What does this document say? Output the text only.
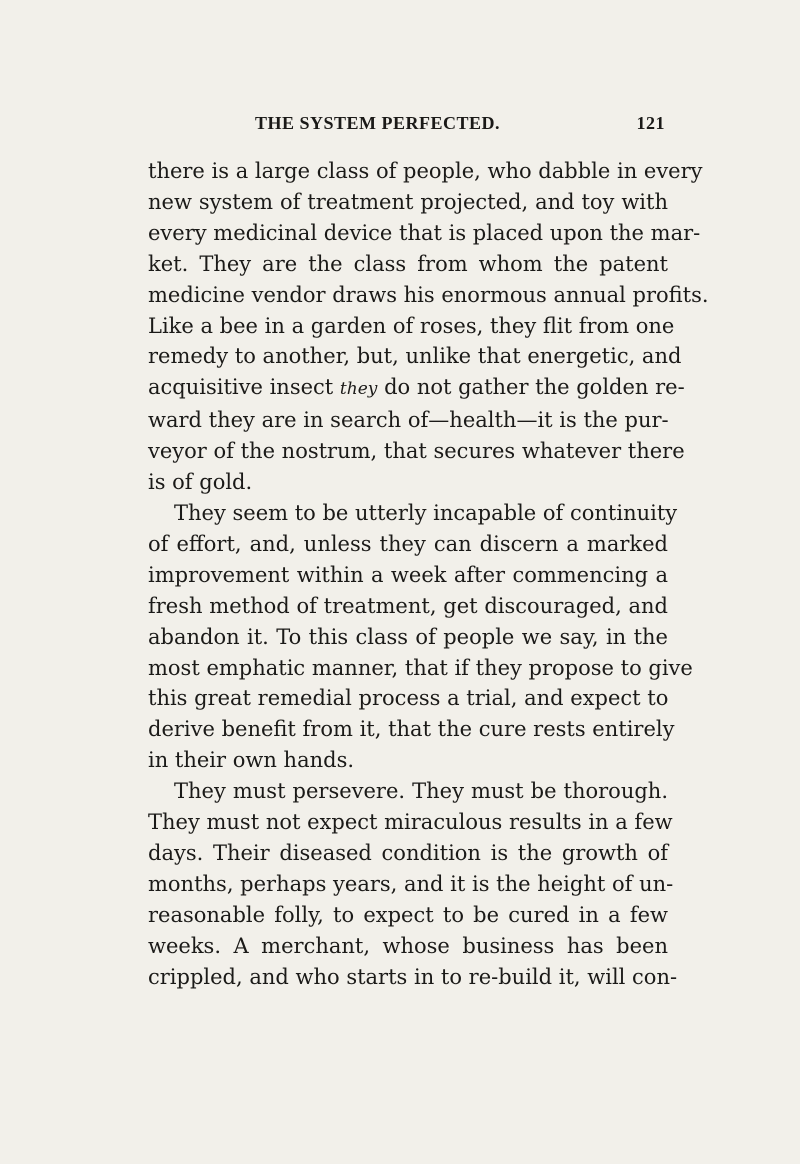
THE SYSTEM PERFECTED.	121
there is a large class of people, who dabble in every
new system of treatment projected, and toy with
every medicinal device that is placed upon the mar-
ket. They are the class from whom the patent
medicine vendor draws his enormous annual profits.
Like a bee in a garden of roses, they flit from one
remedy to another, but, unlike that energetic, and
acquisitive insect they do not gather the golden re-
ward they are in search of—health—it is the pur-
veyor of the nostrum, that secures whatever there
is of gold.
They seem to be utterly incapable of continuity
of effort, and, unless they can discern a marked
improvement within a week after commencing a
fresh method of treatment, get discouraged, and
abandon it. To this class of people we say, in the
most emphatic manner, that if they propose to give
this great remedial process a trial, and expect to
derive benefit from it, that the cure rests entirely
in their own hands.
They must persevere. They must be thorough.
They must not expect miraculous results in a few
days. Their diseased condition is the growth of
months, perhaps years, and it is the height of un-
reasonable folly, to expect to be cured in a few
weeks. A merchant, whose business has been
crippled, and who starts in to re-build it, will con-
